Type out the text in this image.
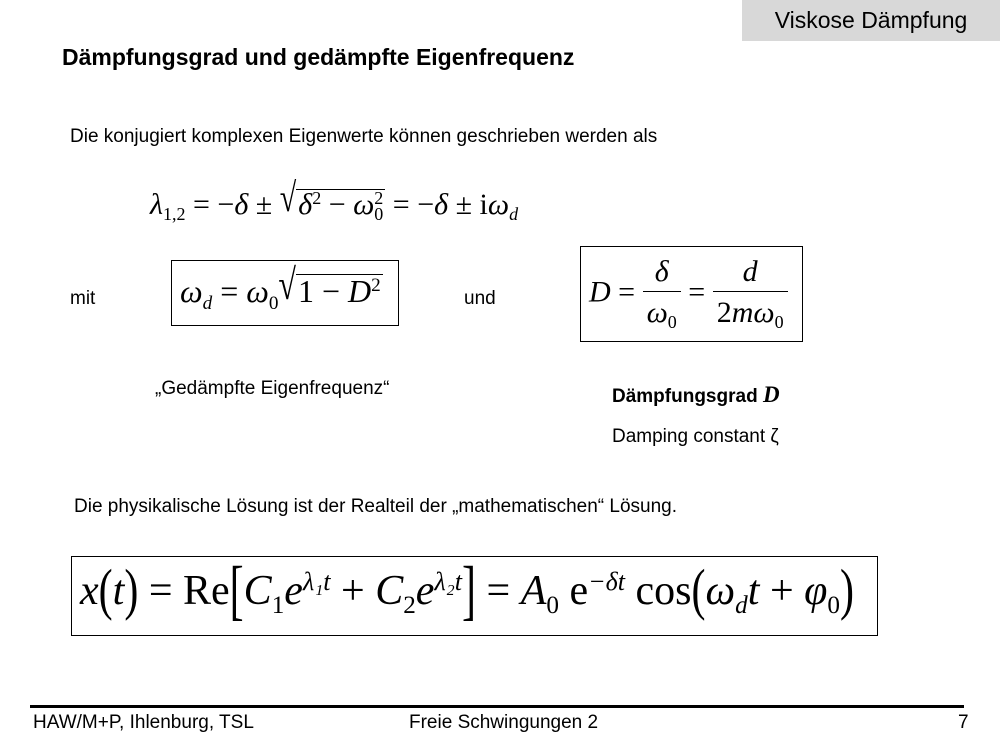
Viskose Dämpfung
Dämpfungsgrad und gedämpfte Eigenfrequenz
Die konjugiert komplexen Eigenwerte können geschrieben werden als
$\lambda_{1,2} = -\delta \pm √\delta^2 - \omega_0^2 = -\delta \pm i\omega_d$
mit	$\omega_d = \omega_0√1 - D^2$
und	$D = \frac{\delta}{\omega_0} = \frac{d}{2m\omega_0}$
„Gedämpfte Eigenfrequenz“	Dämpfungsgrad D
Damping constant ζ
Die physikalische Lösung ist der Realteil der „mathematischen“ Lösung.
$x(t) = Re[C_1e^{\lambda_1t} + C_2e^{\lambda_2t}] = A_0$ $e^{-\delta t}$ $\cos(\omega_dt + \varphi_0)$
HAW/M+P, Ihlenburg, TSL	Freie Schwingungen 2	7
